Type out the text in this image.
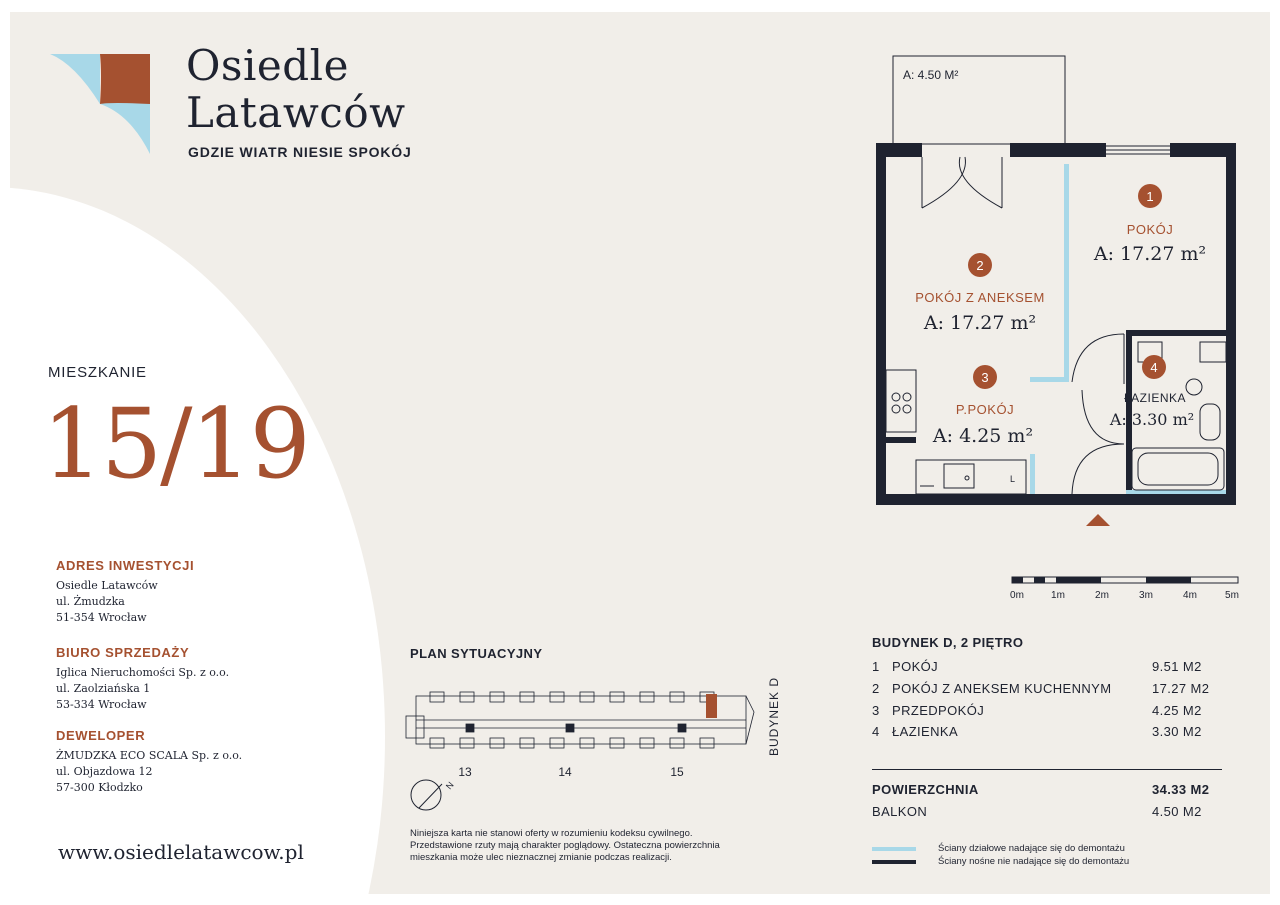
Osiedle
Latawców
GDZIE WIATR NIESIE SPOKÓJ
MIESZKANIE
15/19
ADRES INWESTYCJI
Osiedle Latawców
ul. Żmudzka
51-354 Wrocław
BIURO SPRZEDAŻY
Iglica Nieruchomości Sp. z o.o.
ul. Zaolziańska 1
53-334 Wrocław
DEWELOPER
ŻMUDZKA ECO SCALA Sp. z o.o.
ul. Objazdowa 12
57-300 Kłodzko
www.osiedlelatawcow.pl
A: 4.50 M²
L
1
POKÓJ
A: 17.27 m²
2
POKÓJ Z ANEKSEM
A: 17.27 m²
3
P.POKÓJ
A: 4.25 m²
4
ŁAZIENKA
A: 3.30 m²
0m	1m	2m	3m	4m	5m
13	14	15
BUDYNEK D
N
PLAN SYTUACYJNY
Niniejsza karta nie stanowi oferty w rozumieniu kodeksu cywilnego.
Przedstawione rzuty mają charakter poglądowy. Ostateczna powierzchnia
mieszkania może ulec nieznacznej zmianie podczas realizacji.
BUDYNEK D, 2 PIĘTRO
1 POKÓJ	9.51 M2
2 POKÓJ Z ANEKSEM KUCHENNYM	17.27 M2
3 PRZEDPOKÓJ	4.25 M2
4 ŁAZIENKA	3.30 M2
POWIERZCHNIA	34.33 M2
BALKON	4.50 M2
Ściany działowe nadające się do demontażu
Ściany nośne nie nadające się do demontażu
